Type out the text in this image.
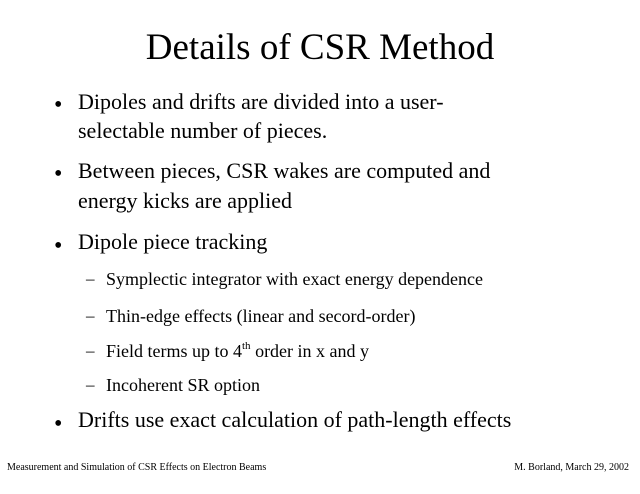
Details of CSR Method
• Dipoles and drifts are divided into a user-
selectable number of pieces.
• Between pieces, CSR wakes are computed and
energy kicks are applied
• Dipole piece tracking
– Symplectic integrator with exact energy dependence
– Thin-edge effects (linear and secord-order)
– Field terms up to 4th order in x and y
– Incoherent SR option
• Drifts use exact calculation of path-length effects
Measurement and Simulation of CSR Effects on Electron Beams	M. Borland, March 29, 2002
